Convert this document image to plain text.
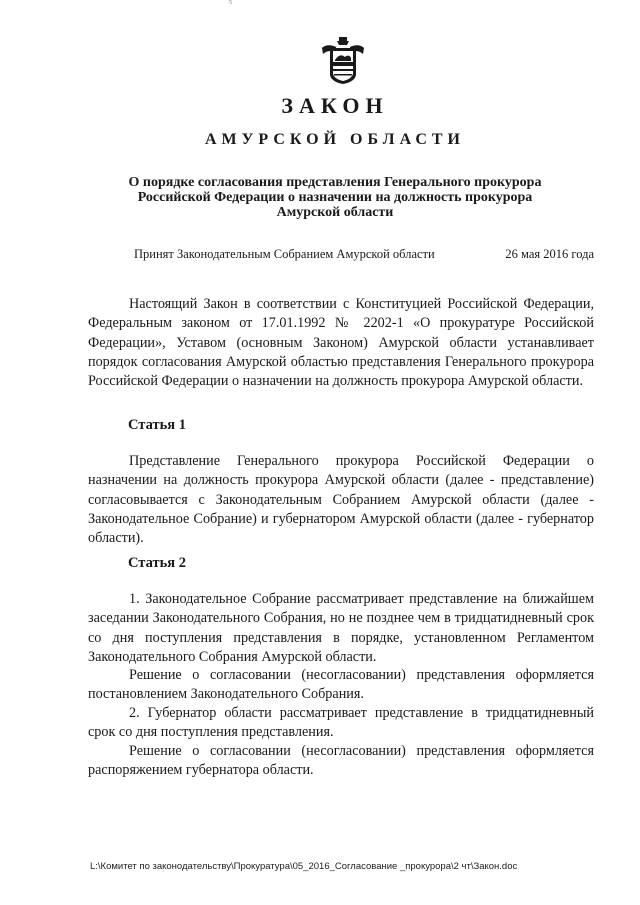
5
ЗАКОН
АМУРСКОЙ ОБЛАСТИ
О порядке согласования представления Генерального прокурора
Российской Федерации о назначении на должность прокурора
Амурской области
Принят Законодательным Собранием Амурской области	26 мая 2016 года

Настоящий Закон в соответствии с Конституцией Российской Федерации, Федеральным законом от 17.01.1992 № 2202-1 «О прокуратуре Российской Федерации», Уставом (основным Законом) Амурской области устанавливает порядок согласования Амурской областью представления Генерального прокурора Российской Федерации о назначении на должность прокурора Амурской области.

Статья 1

Представление Генерального прокурора Российской Федерации о назначении на должность прокурора Амурской области (далее - представление) согласовывается с Законодательным Собранием Амурской области (далее - Законодательное Собрание) и губернатором Амурской области (далее - губернатор области).

Статья 2

1. Законодательное Собрание рассматривает представление на ближайшем заседании Законодательного Собрания, но не позднее чем в тридцатидневный срок со дня поступления представления в порядке, установленном Регламентом Законодательного Собрания Амурской области.

Решение о согласовании (несогласовании) представления оформляется постановлением Законодательного Собрания.

2. Губернатор области рассматривает представление в тридцатидневный срок со дня поступления представления.

Решение о согласовании (несогласовании) представления оформляется распоряжением губернатора области.

L:\Комитет по законодательству\Прокуратура\05_2016_Согласование _прокурора\2 чт\Закон.doc
